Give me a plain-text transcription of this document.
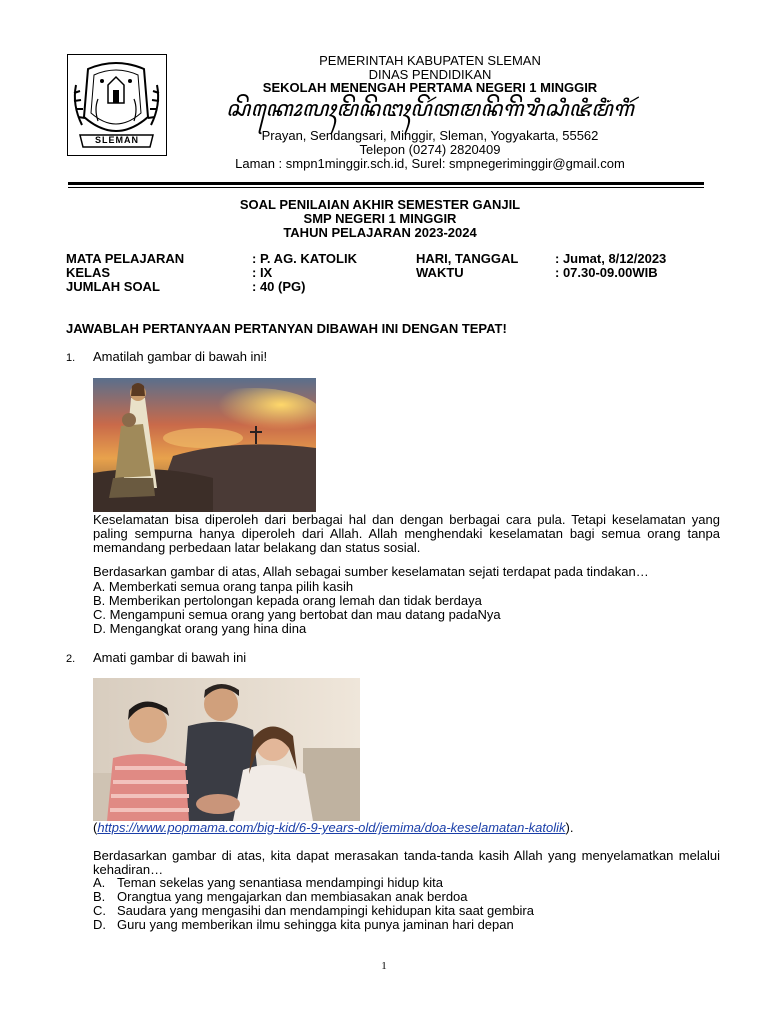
SLEMAN
PEMERINTAH KABUPATEN SLEMAN
DINAS PENDIDIKAN
SEKOLAH MENENGAH PERTAMA NEGERI 1 MINGGIR
ꦱꦼꦏꦺꦴꦭꦃꦩꦼꦤꦼꦔꦃꦥꦼꦂꦠꦩꦤꦼꦒꦼꦫꦶꦱꦶꦗꦶꦩꦶꦁꦒꦶꦂ
Prayan, Sendangsari, Minggir, Sleman, Yogyakarta, 55562
Telepon (0274) 2820409
Laman : smpn1minggir.sch.id, Surel: smpnegeriminggir@gmail.com
SOAL PENILAIAN AKHIR SEMESTER GANJIL
SMP NEGERI 1 MINGGIR
TAHUN PELAJARAN 2023-2024
MATA PELAJARAN	: P. AG. KATOLIK	HARI, TANGGAL	: Jumat, 8/12/2023
KELAS	: IX	WAKTU	: 07.30-09.00WIB
JUMLAH SOAL	: 40 (PG)
JAWABLAH PERTANYAAN PERTANYAN DIBAWAH INI DENGAN TEPAT!
1. Amatilah gambar di bawah ini!
Keselamatan bisa diperoleh dari berbagai hal dan dengan berbagai cara pula. Tetapi keselamatan yang paling sempurna hanya diperoleh dari Allah. Allah menghendaki keselamatan bagi semua orang tanpa memandang perbedaan latar belakang dan status sosial.
Berdasarkan gambar di atas, Allah sebagai sumber keselamatan sejati terdapat pada tindakan…
A. Memberkati semua orang tanpa pilih kasih
B. Memberikan pertolongan kepada orang lemah dan tidak berdaya
C. Mengampuni semua orang yang bertobat dan mau datang padaNya
D. Mengangkat orang yang hina dina
2. Amati gambar di bawah ini
(https://www.popmama.com/big-kid/6-9-years-old/jemima/doa-keselamatan-katolik).
Berdasarkan gambar di atas, kita dapat merasakan tanda-tanda kasih Allah yang menyelamatkan melalui kehadiran…
A. Teman sekelas yang senantiasa mendampingi hidup kita
B. Orangtua yang mengajarkan dan membiasakan anak berdoa
C. Saudara yang mengasihi dan mendampingi kehidupan kita saat gembira
D. Guru yang memberikan ilmu sehingga kita punya jaminan hari depan
1
